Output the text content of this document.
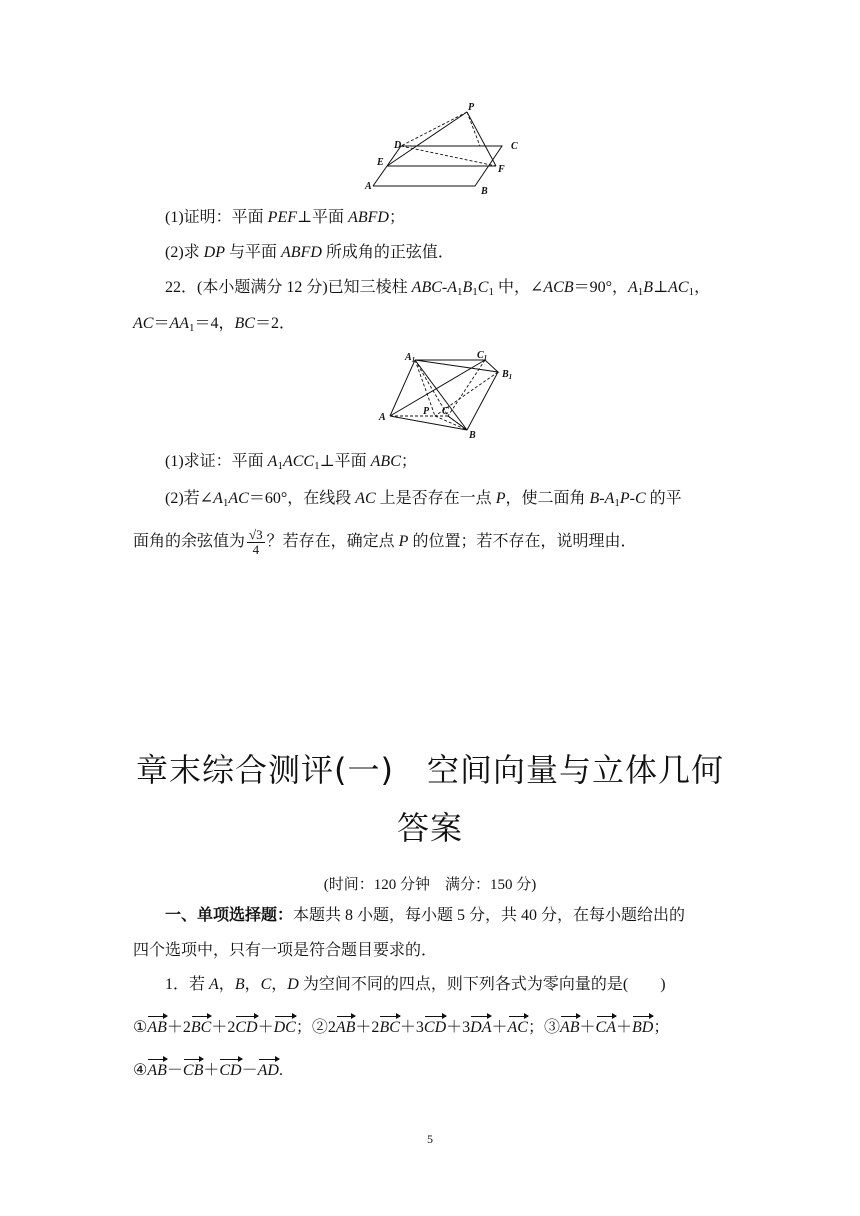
P
D	C
E
F
A	B
(1)证明：平面 PEF⊥平面 ABFD；
(2)求 DP 与平面 ABFD 所成角的正弦值．
22．(本小题满分 12 分)已知三棱柱 ABC-$A_1B_1C_1$ 中，∠ACB＝90°，$A_1B\perp AC_1$，
$AC=AA_1=4$，BC＝2．
$A_1$	$C_1$
$B_1$
A
P C
B
(1)求证：平面 $A_1ACC_1\perp$平面 ABC；
(2)若$\angle A_1AC=60^\circ$，在线段 AC 上是否存在一点 P，使二面角 $B-A_1P-C$ 的平
面角的余弦值为 $\frac{√3}{4}$ ？若存在，确定点 P 的位置；若不存在，说明理由．
章末综合测评(一)　空间向量与立体几何
答案
(时间：120 分钟　满分：150 分)
一、单项选择题：本题共 8 小题，每小题 5 分，共 40 分，在每小题给出的
四个选项中，只有一项是符合题目要求的．
1．若 A，B，C，D 为空间不同的四点，则下列各式为零向量的是(　　)
①AB＋2BC＋2CD＋DC；②2AB＋2BC＋3CD＋3DA＋AC；③AB＋CA＋BD；
④AB－CB＋CD－AD.
5
